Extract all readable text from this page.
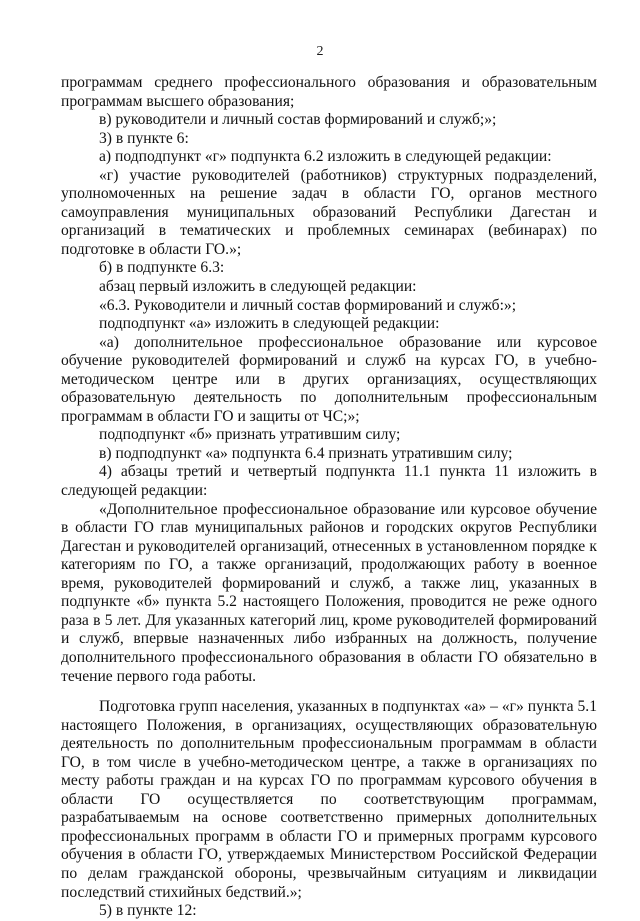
2

программам среднего профессионального образования и образовательным программам высшего образования;

в) руководители и личный состав формирований и служб;»;

3) в пункте 6:

а) подподпункт «г» подпункта 6.2 изложить в следующей редакции:

«г) участие руководителей (работников) структурных подразделений, уполномоченных на решение задач в области ГО, органов местного самоуправления муниципальных образований Республики Дагестан и организаций в тематических и проблемных семинарах (вебинарах) по подготовке в области ГО.»;

б) в подпункте 6.3:

абзац первый изложить в следующей редакции:

«6.3. Руководители и личный состав формирований и служб:»;

подподпункт «а» изложить в следующей редакции:

«а) дополнительное профессиональное образование или курсовое обучение руководителей формирований и служб на курсах ГО, в учебно-методическом центре или в других организациях, осуществляющих образовательную деятельность по дополнительным профессиональным программам в области ГО и защиты от ЧС;»;

подподпункт «б» признать утратившим силу;

в) подподпункт «а» подпункта 6.4 признать утратившим силу;

4) абзацы третий и четвертый подпункта 11.1 пункта 11 изложить в следующей редакции:

«Дополнительное профессиональное образование или курсовое обучение в области ГО глав муниципальных районов и городских округов Республики Дагестан и руководителей организаций, отнесенных в установленном порядке к категориям по ГО, а также организаций, продолжающих работу в военное время, руководителей формирований и служб, а также лиц, указанных в подпункте «б» пункта 5.2 настоящего Положения, проводится не реже одного раза в 5 лет. Для указанных категорий лиц, кроме руководителей формирований и служб, впервые назначенных либо избранных на должность, получение дополнительного профессионального образования в области ГО обязательно в течение первого года работы.

Подготовка групп населения, указанных в подпунктах «а» – «г» пункта 5.1 настоящего Положения, в организациях, осуществляющих образовательную деятельность по дополнительным профессиональным программам в области ГО, в том числе в учебно-методическом центре, а также в организациях по месту работы граждан и на курсах ГО по программам курсового обучения в области ГО осуществляется по соответствующим программам, разрабатываемым на основе соответственно примерных дополнительных профессиональных программ в области ГО и примерных программ курсового обучения в области ГО, утверждаемых Министерством Российской Федерации по делам гражданской обороны, чрезвычайным ситуациям и ликвидации последствий стихийных бедствий.»;

5) в пункте 12:
